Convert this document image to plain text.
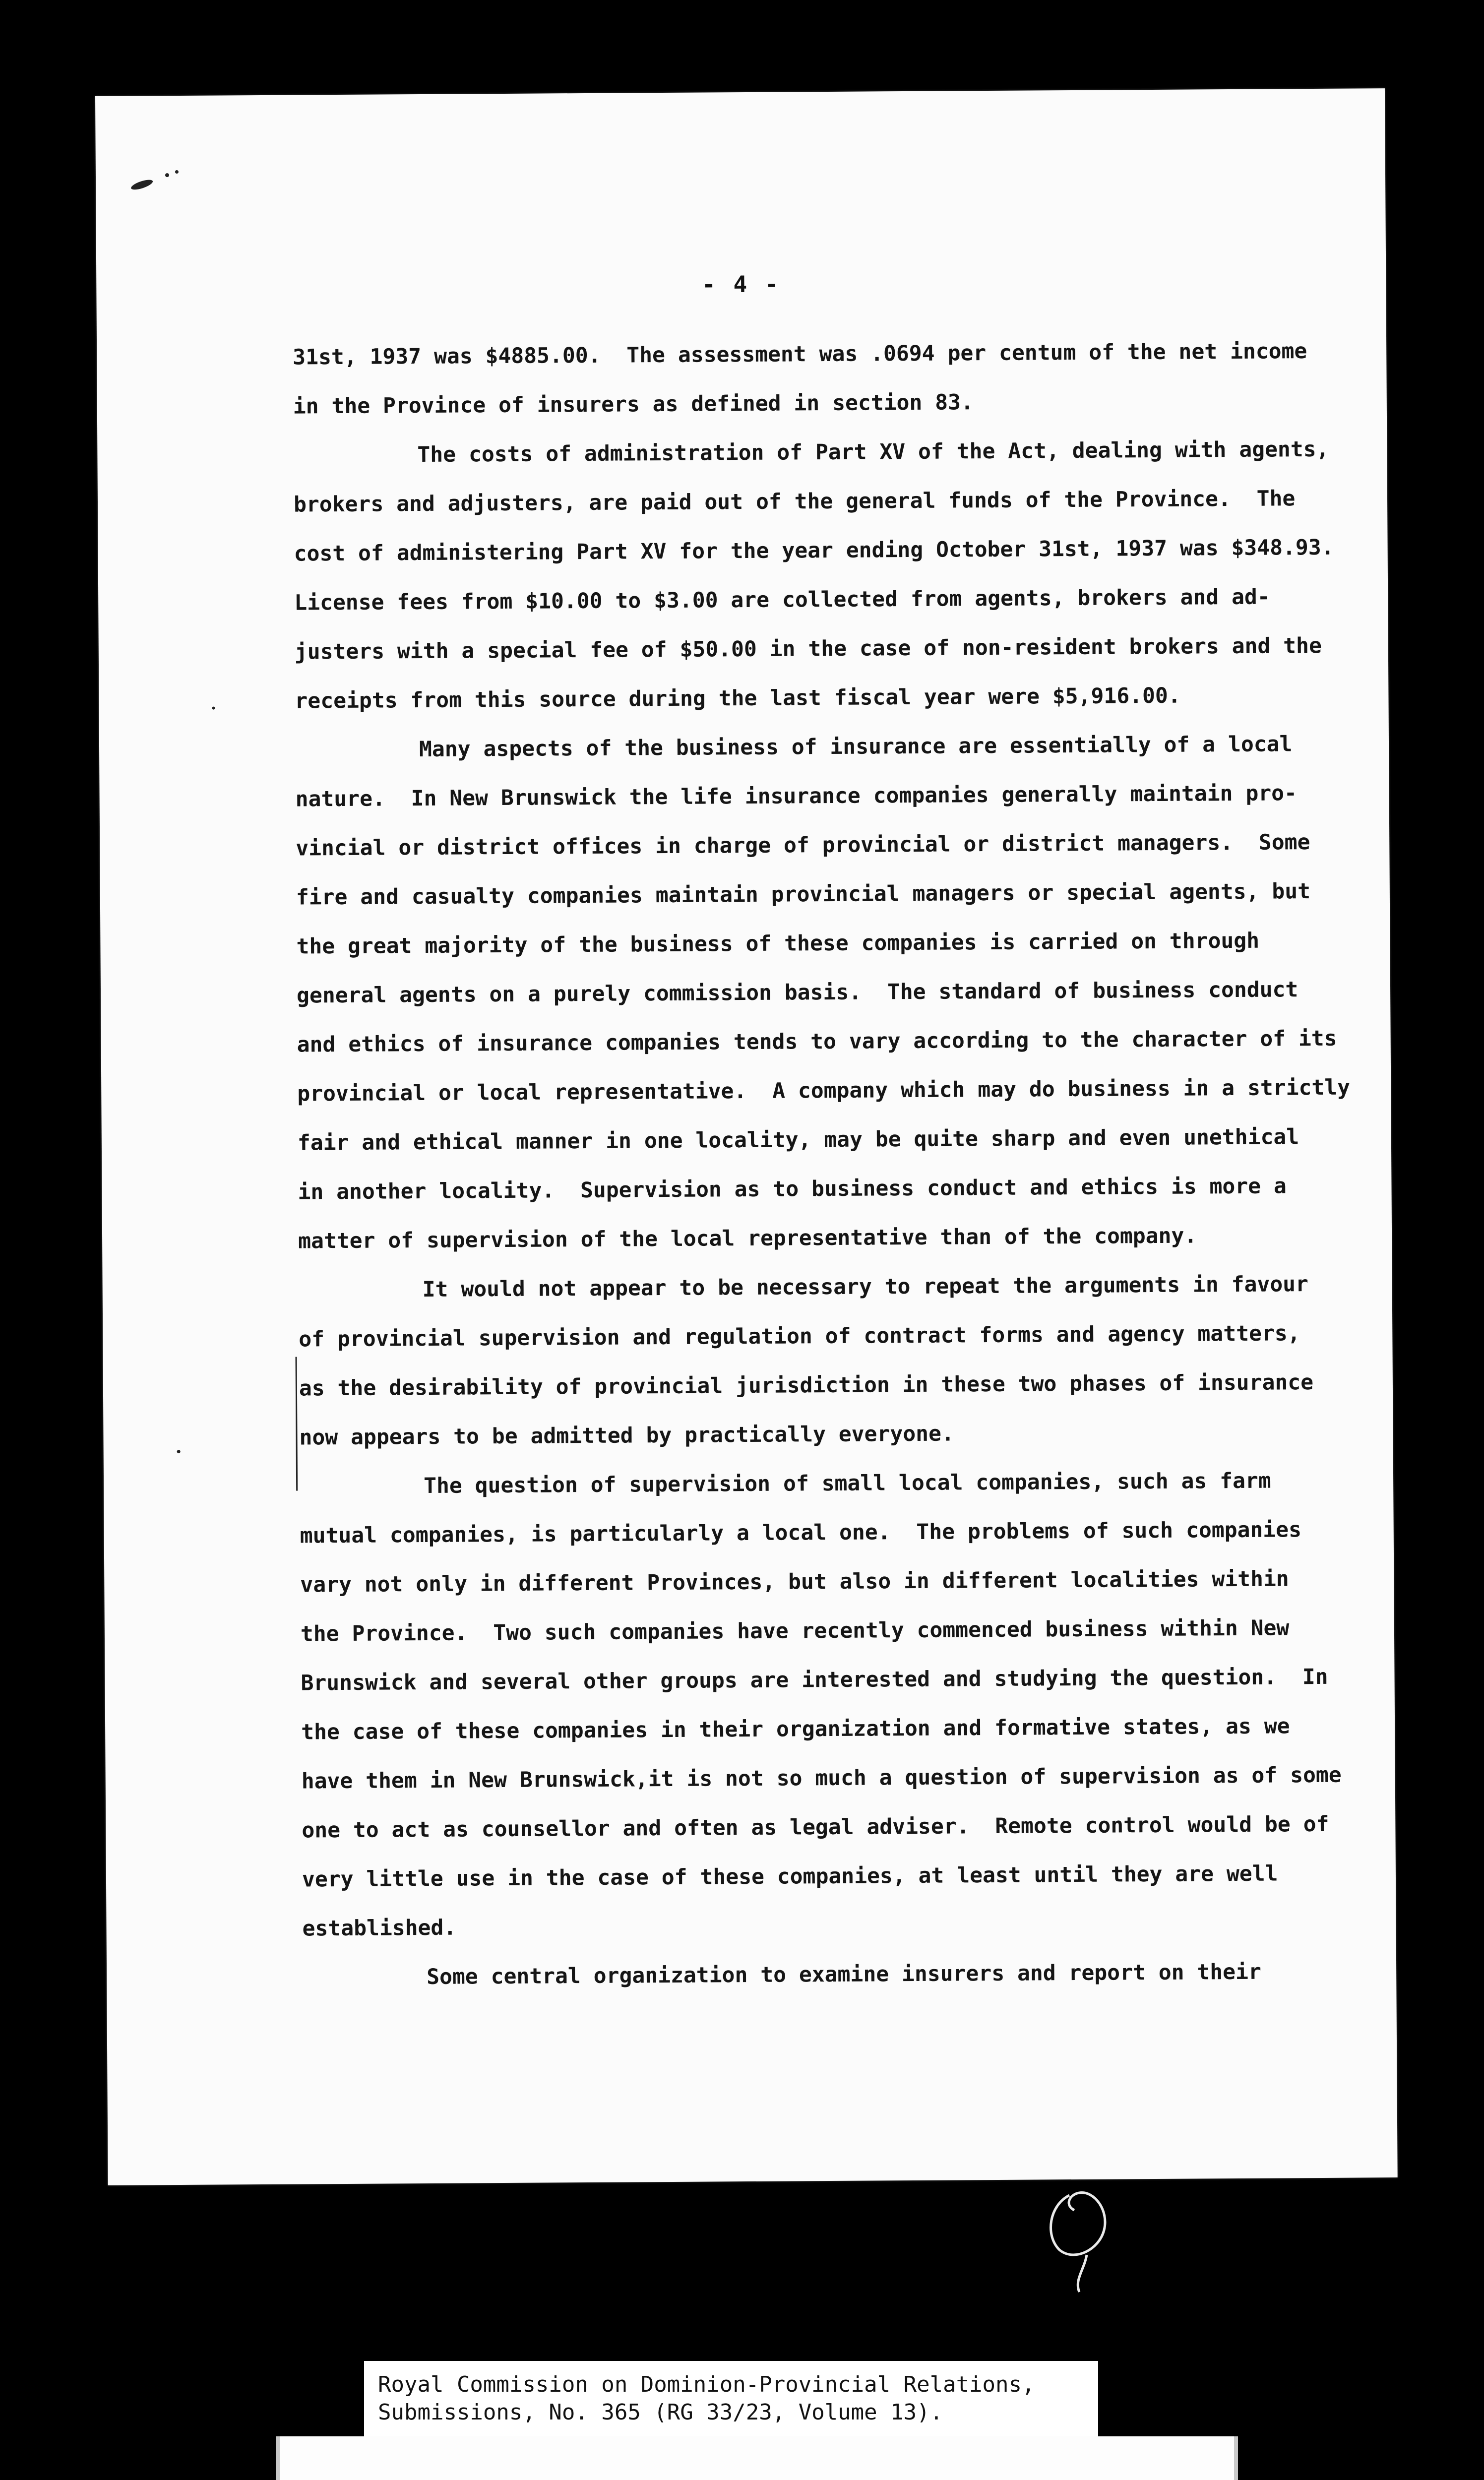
- 4 -
31st, 1937 was $4885.00.  The assessment was .0694 per centum of the net income
in the Province of insurers as defined in section 83.
The costs of administration of Part XV of the Act, dealing with agents,
brokers and adjusters, are paid out of the general funds of the Province.  The
cost of administering Part XV for the year ending October 31st, 1937 was $348.93.
License fees from $10.00 to $3.00 are collected from agents, brokers and ad-
justers with a special fee of $50.00 in the case of non-resident brokers and the
receipts from this source during the last fiscal year were $5,916.00.
Many aspects of the business of insurance are essentially of a local
nature.  In New Brunswick the life insurance companies generally maintain pro-
vincial or district offices in charge of provincial or district managers.  Some
fire and casualty companies maintain provincial managers or special agents, but
the great majority of the business of these companies is carried on through
general agents on a purely commission basis.  The standard of business conduct
and ethics of insurance companies tends to vary according to the character of its
provincial or local representative.  A company which may do business in a strictly
fair and ethical manner in one locality, may be quite sharp and even unethical
in another locality.  Supervision as to business conduct and ethics is more a
matter of supervision of the local representative than of the company.
It would not appear to be necessary to repeat the arguments in favour
of provincial supervision and regulation of contract forms and agency matters,
as the desirability of provincial jurisdiction in these two phases of insurance
now appears to be admitted by practically everyone.
The question of supervision of small local companies, such as farm
mutual companies, is particularly a local one.  The problems of such companies
vary not only in different Provinces, but also in different localities within
the Province.  Two such companies have recently commenced business within New
Brunswick and several other groups are interested and studying the question.  In
the case of these companies in their organization and formative states, as we
have them in New Brunswick,it is not so much a question of supervision as of some
one to act as counsellor and often as legal adviser.  Remote control would be of
very little use in the case of these companies, at least until they are well
established.
Some central organization to examine insurers and report on their
Royal Commission on Dominion-Provincial Relations,
Submissions, No. 365 (RG 33/23, Volume 13).
